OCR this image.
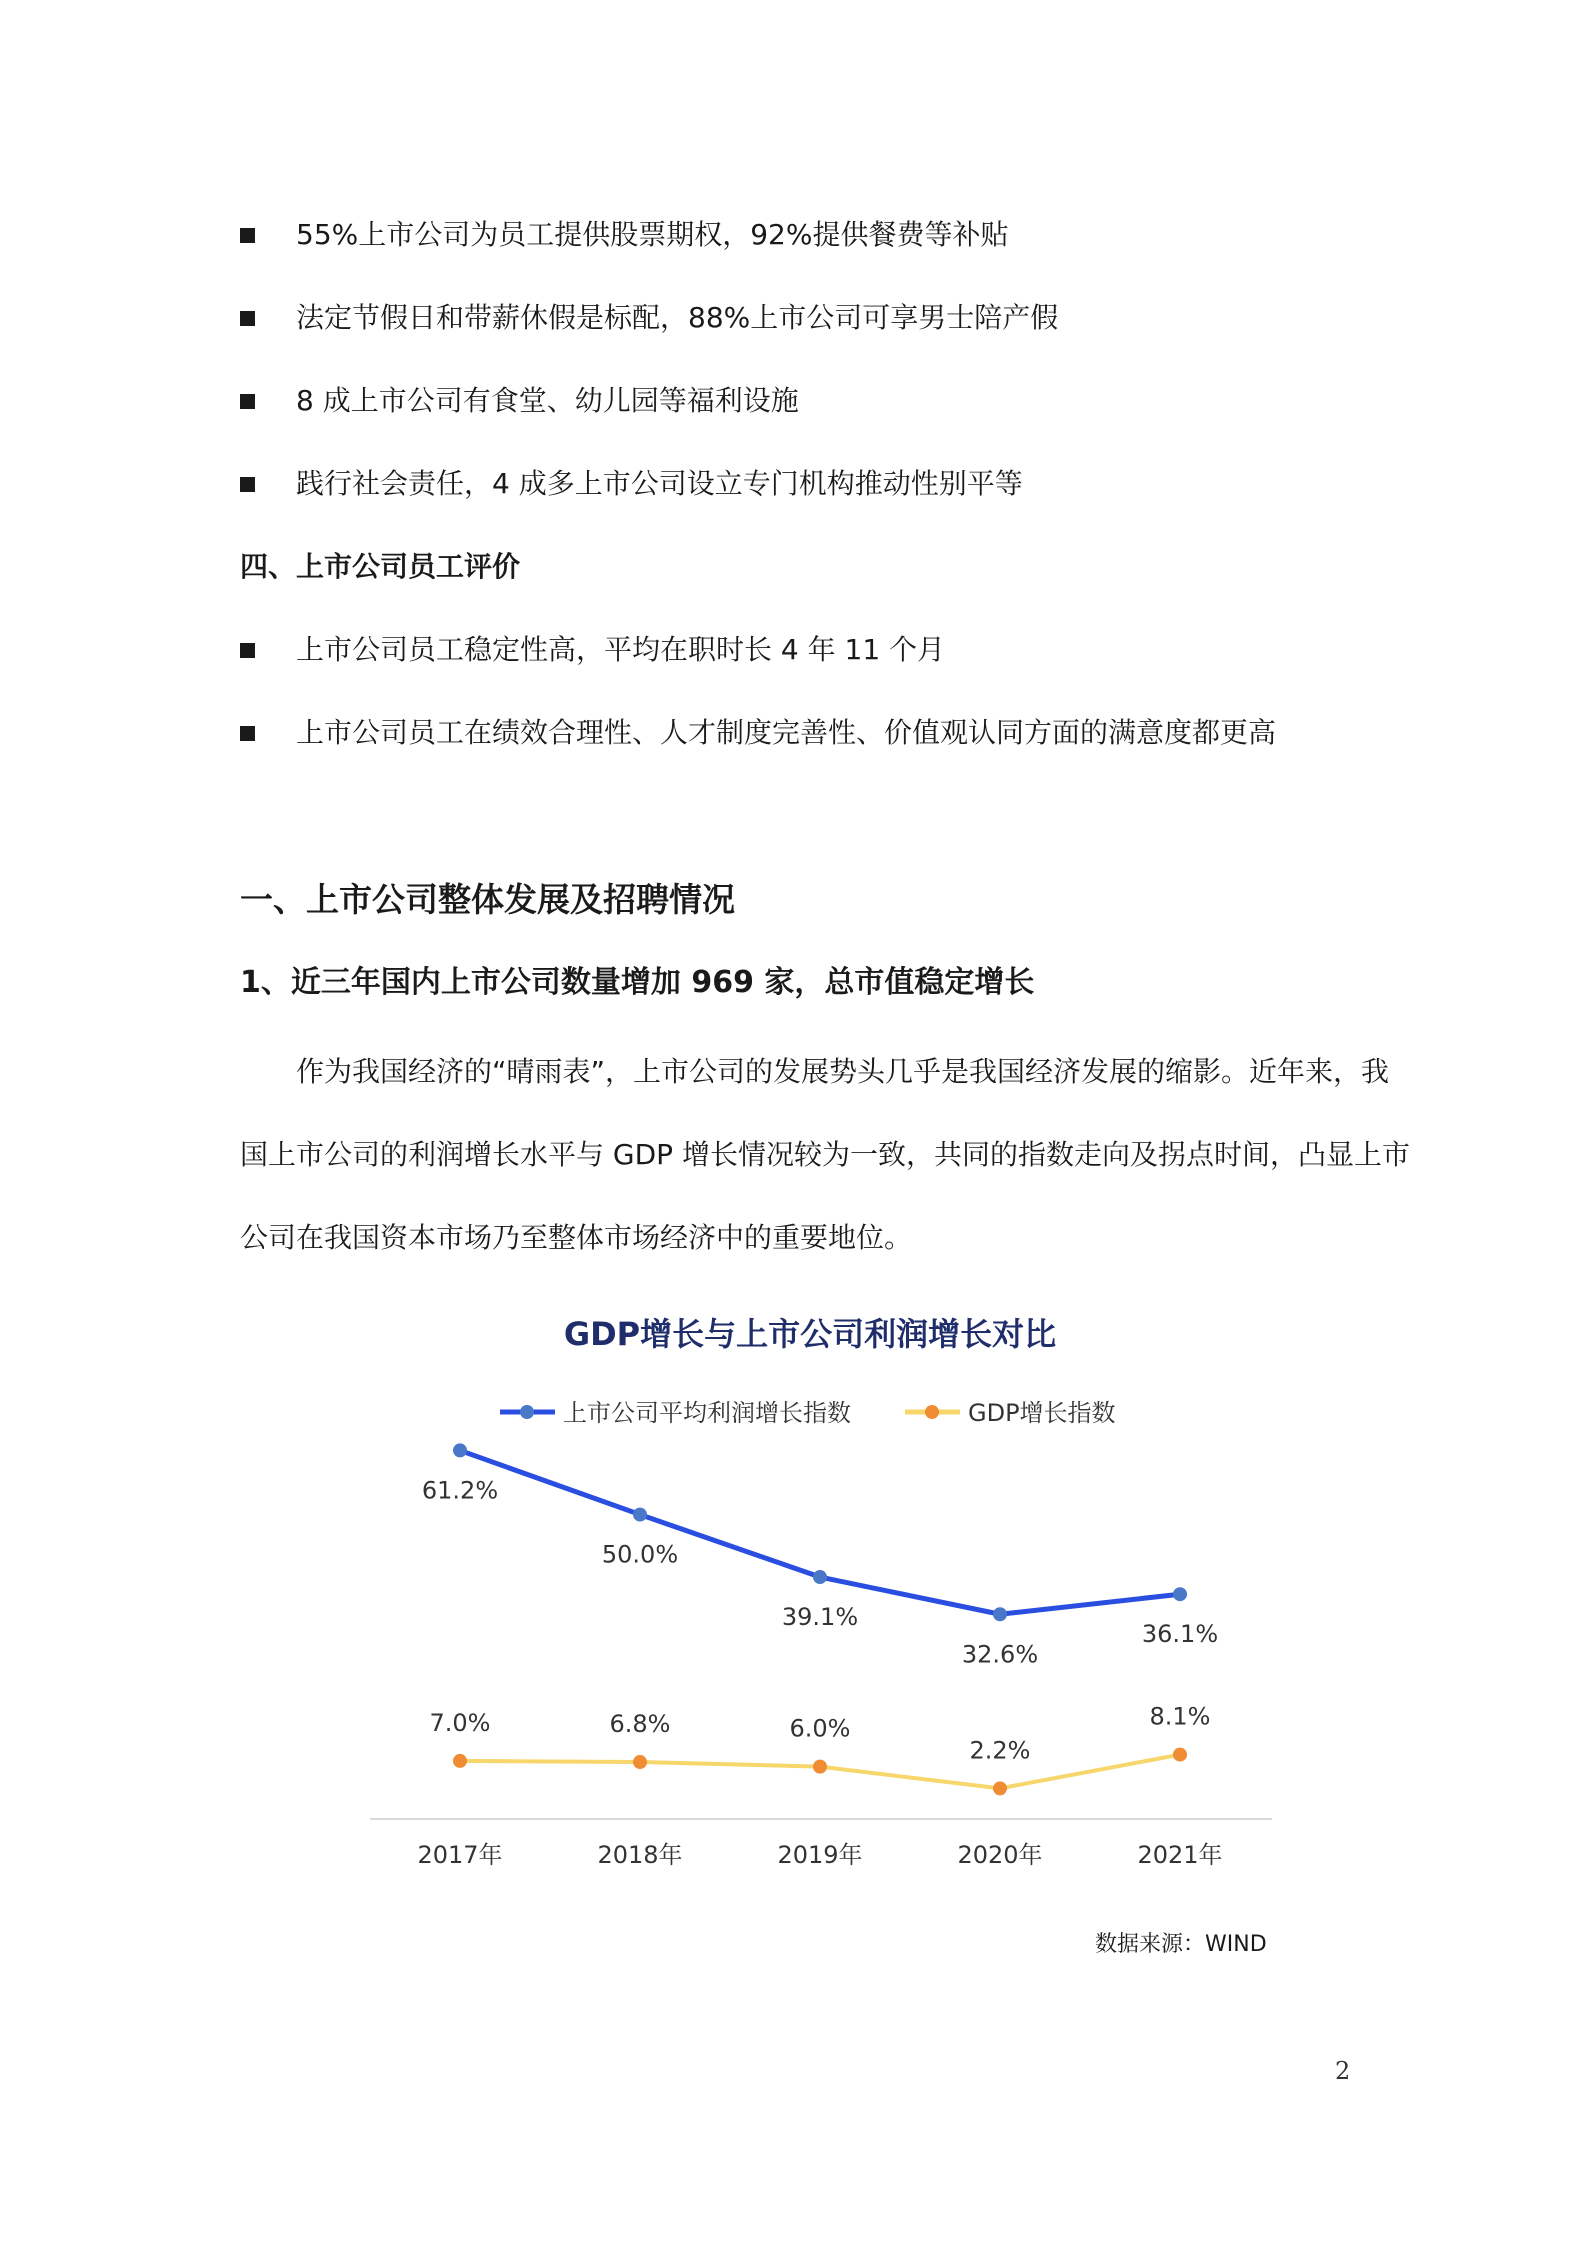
55%上市公司为员工提供股票期权，92%提供餐费等补贴
法定节假日和带薪休假是标配，88%上市公司可享男士陪产假
8 成上市公司有食堂、幼儿园等福利设施
践行社会责任，4 成多上市公司设立专门机构推动性别平等
四、上市公司员工评价
上市公司员工稳定性高，平均在职时长 4 年 11 个月
上市公司员工在绩效合理性、人才制度完善性、价值观认同方面的满意度都更高
一、上市公司整体发展及招聘情况
1、近三年国内上市公司数量增加 969 家，总市值稳定增长
作为我国经济的“晴雨表”，上市公司的发展势头几乎是我国经济发展的缩影。近年来，我
国上市公司的利润增长水平与 GDP 增长情况较为一致，共同的指数走向及拐点时间，凸显上市
公司在我国资本市场乃至整体市场经济中的重要地位。
GDP增长与上市公司利润增长对比
上市公司平均利润增长指数	GDP增长指数
2017年	2018年	2019年	2020年	2021年
61.2%
50.0%
39.1%
32.6%
36.1%
7.0%	6.8%	6.0%
2.2%
8.1%
数据来源：WIND
2
